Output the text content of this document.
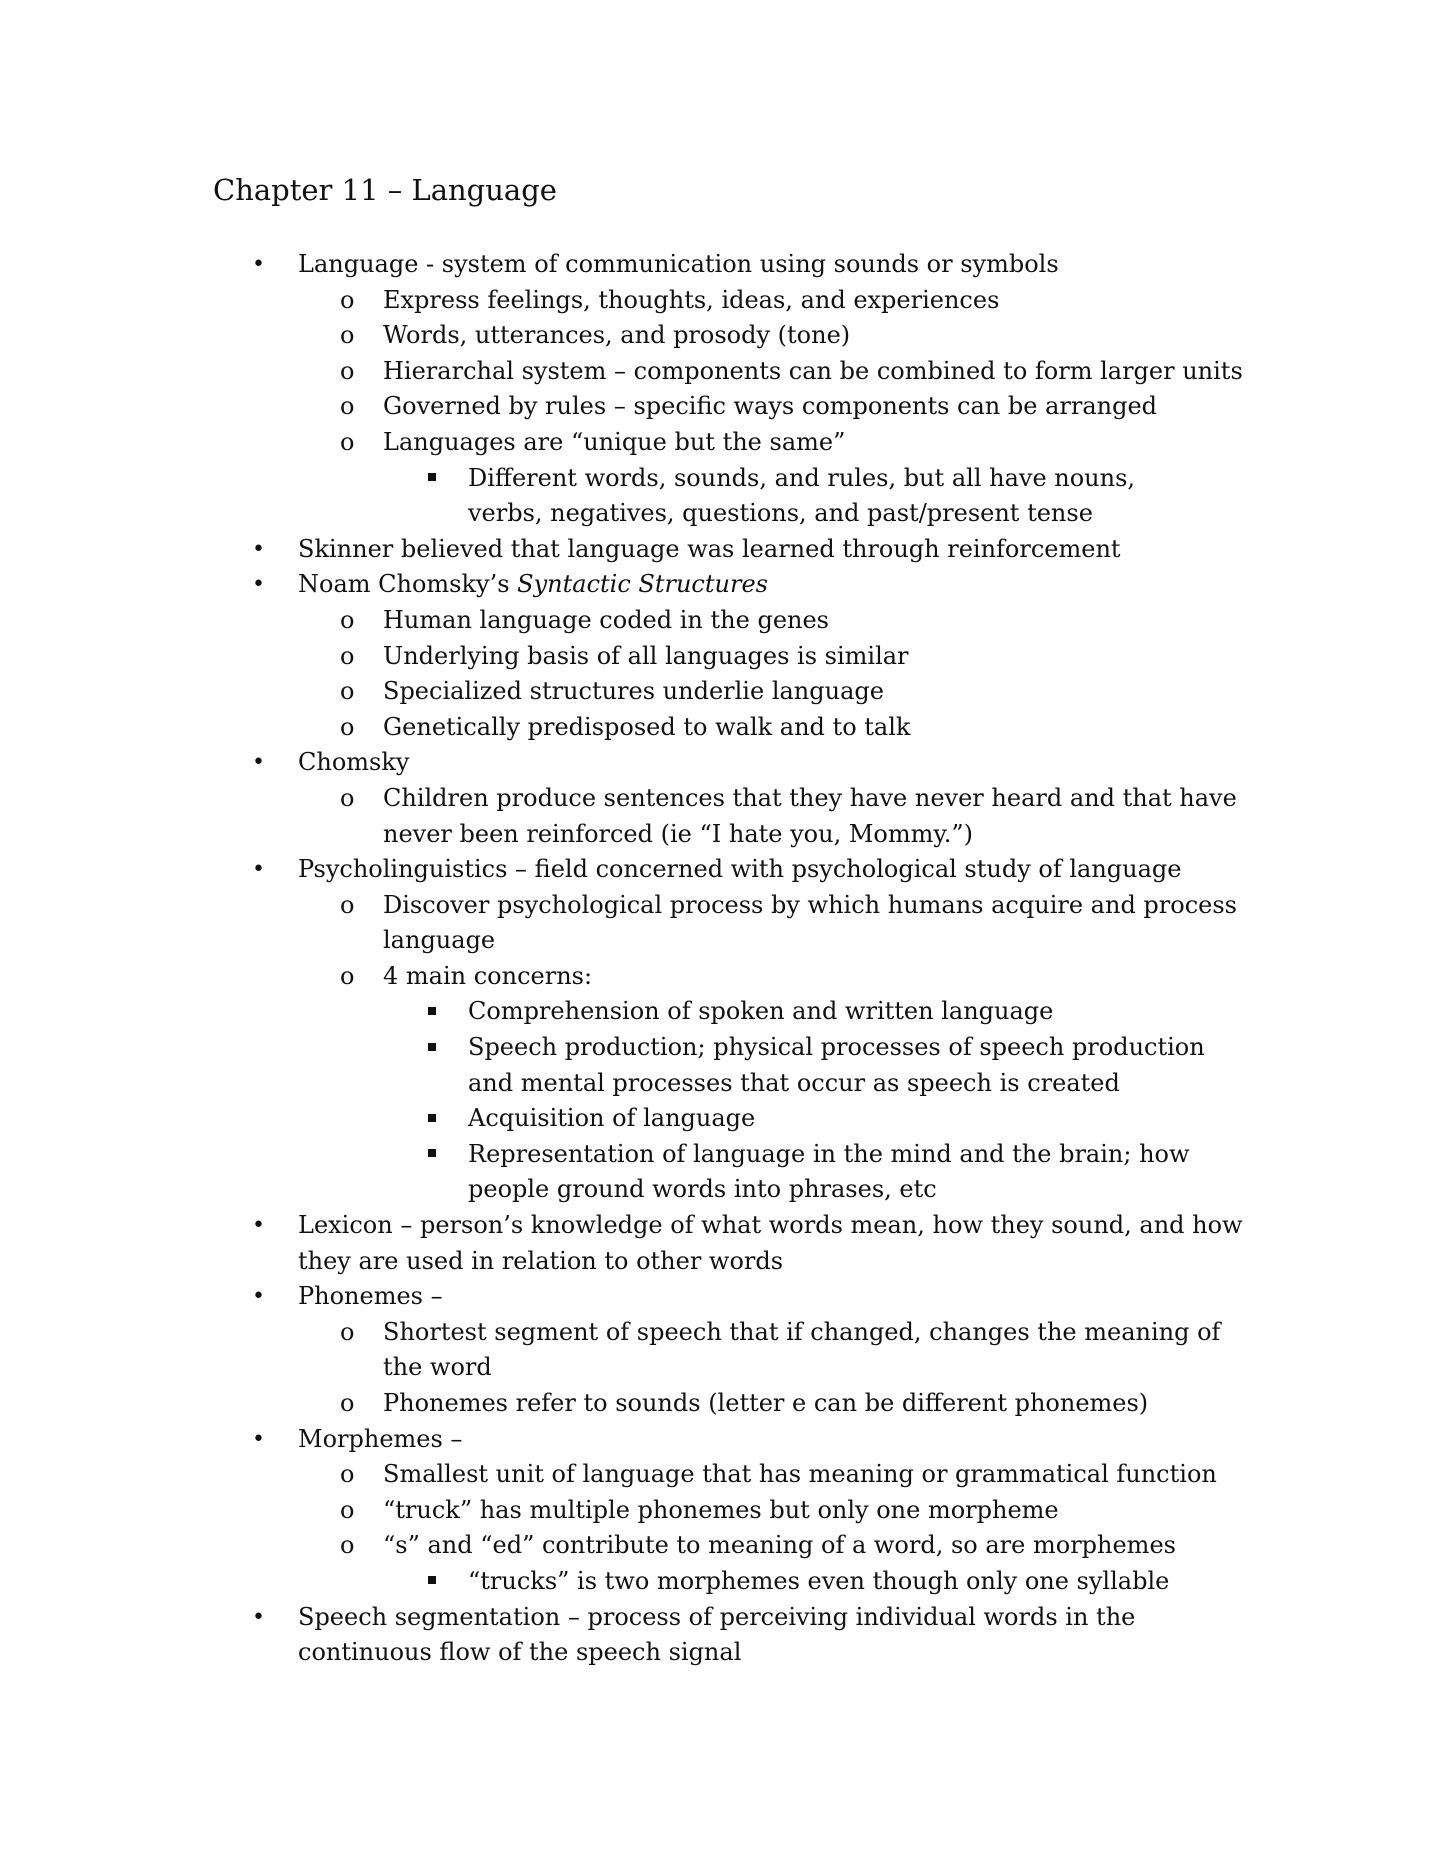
Chapter 11 – Language
• Language - system of communication using sounds or symbols
o Express feelings, thoughts, ideas, and experiences
o Words, utterances, and prosody (tone)
o Hierarchal system – components can be combined to form larger units
o Governed by rules – specific ways components can be arranged
o Languages are “unique but the same”
Different words, sounds, and rules, but all have nouns, verbs, negatives, questions, and past/present tense
• Skinner believed that language was learned through reinforcement
• Noam Chomsky’s Syntactic Structures
o Human language coded in the genes
o Underlying basis of all languages is similar
o Specialized structures underlie language
o Genetically predisposed to walk and to talk
• Chomsky
o Children produce sentences that they have never heard and that have never been reinforced (ie “I hate you, Mommy.”)
• Psycholinguistics – field concerned with psychological study of language
o Discover psychological process by which humans acquire and process language
o 4 main concerns:
Comprehension of spoken and written language
Speech production; physical processes of speech production and mental processes that occur as speech is created
Acquisition of language
Representation of language in the mind and the brain; how people ground words into phrases, etc
• Lexicon – person’s knowledge of what words mean, how they sound, and how they are used in relation to other words
• Phonemes –
o Shortest segment of speech that if changed, changes the meaning of the word
o Phonemes refer to sounds (letter e can be different phonemes)
• Morphemes –
o Smallest unit of language that has meaning or grammatical function
o “truck” has multiple phonemes but only one morpheme
o “s” and “ed” contribute to meaning of a word, so are morphemes
“trucks” is two morphemes even though only one syllable
• Speech segmentation – process of perceiving individual words in the continuous flow of the speech signal
